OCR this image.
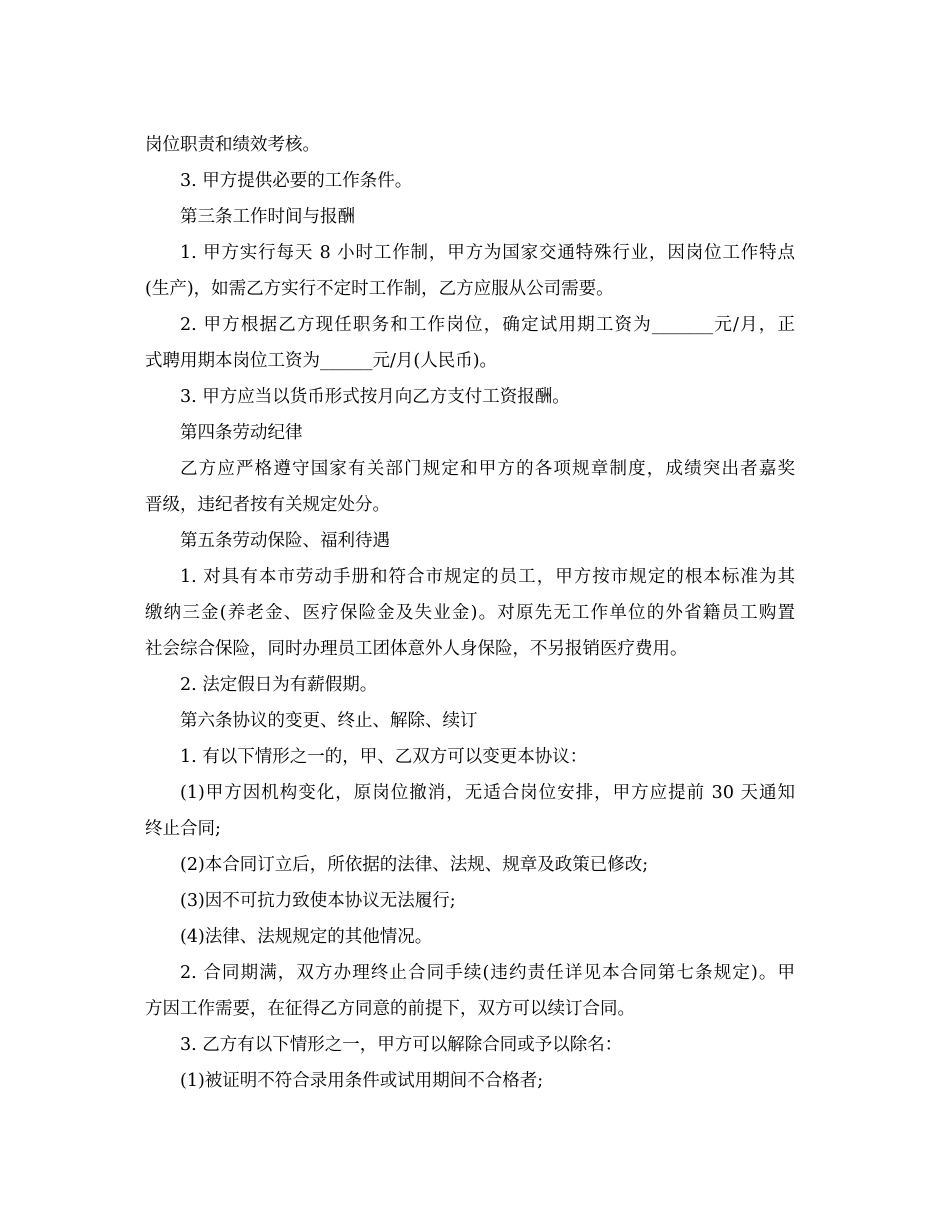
岗位职责和绩效考核。
3. 甲方提供必要的工作条件。
第三条工作时间与报酬
1. 甲方实行每天 8 小时工作制，甲方为国家交通特殊行业，因岗位工作特点
(生产)，如需乙方实行不定时工作制，乙方应服从公司需要。
2. 甲方根据乙方现任职务和工作岗位，确定试用期工资为_______元/月，正
式聘用期本岗位工资为______元/月(人民币)。
3. 甲方应当以货币形式按月向乙方支付工资报酬。
第四条劳动纪律
乙方应严格遵守国家有关部门规定和甲方的各项规章制度，成绩突出者嘉奖
晋级，违纪者按有关规定处分。
第五条劳动保险、福利待遇
1. 对具有本市劳动手册和符合市规定的员工，甲方按市规定的根本标准为其
缴纳三金(养老金、医疗保险金及失业金)。对原先无工作单位的外省籍员工购置
社会综合保险，同时办理员工团体意外人身保险，不另报销医疗费用。
2. 法定假日为有薪假期。
第六条协议的变更、终止、解除、续订
1. 有以下情形之一的，甲、乙双方可以变更本协议：
(1)甲方因机构变化，原岗位撤消，无适合岗位安排，甲方应提前 30 天通知
终止合同;
(2)本合同订立后，所依据的法律、法规、规章及政策已修改;
(3)因不可抗力致使本协议无法履行;
(4)法律、法规规定的其他情况。
2. 合同期满，双方办理终止合同手续(违约责任详见本合同第七条规定)。甲
方因工作需要，在征得乙方同意的前提下，双方可以续订合同。
3. 乙方有以下情形之一，甲方可以解除合同或予以除名：
(1)被证明不符合录用条件或试用期间不合格者;
